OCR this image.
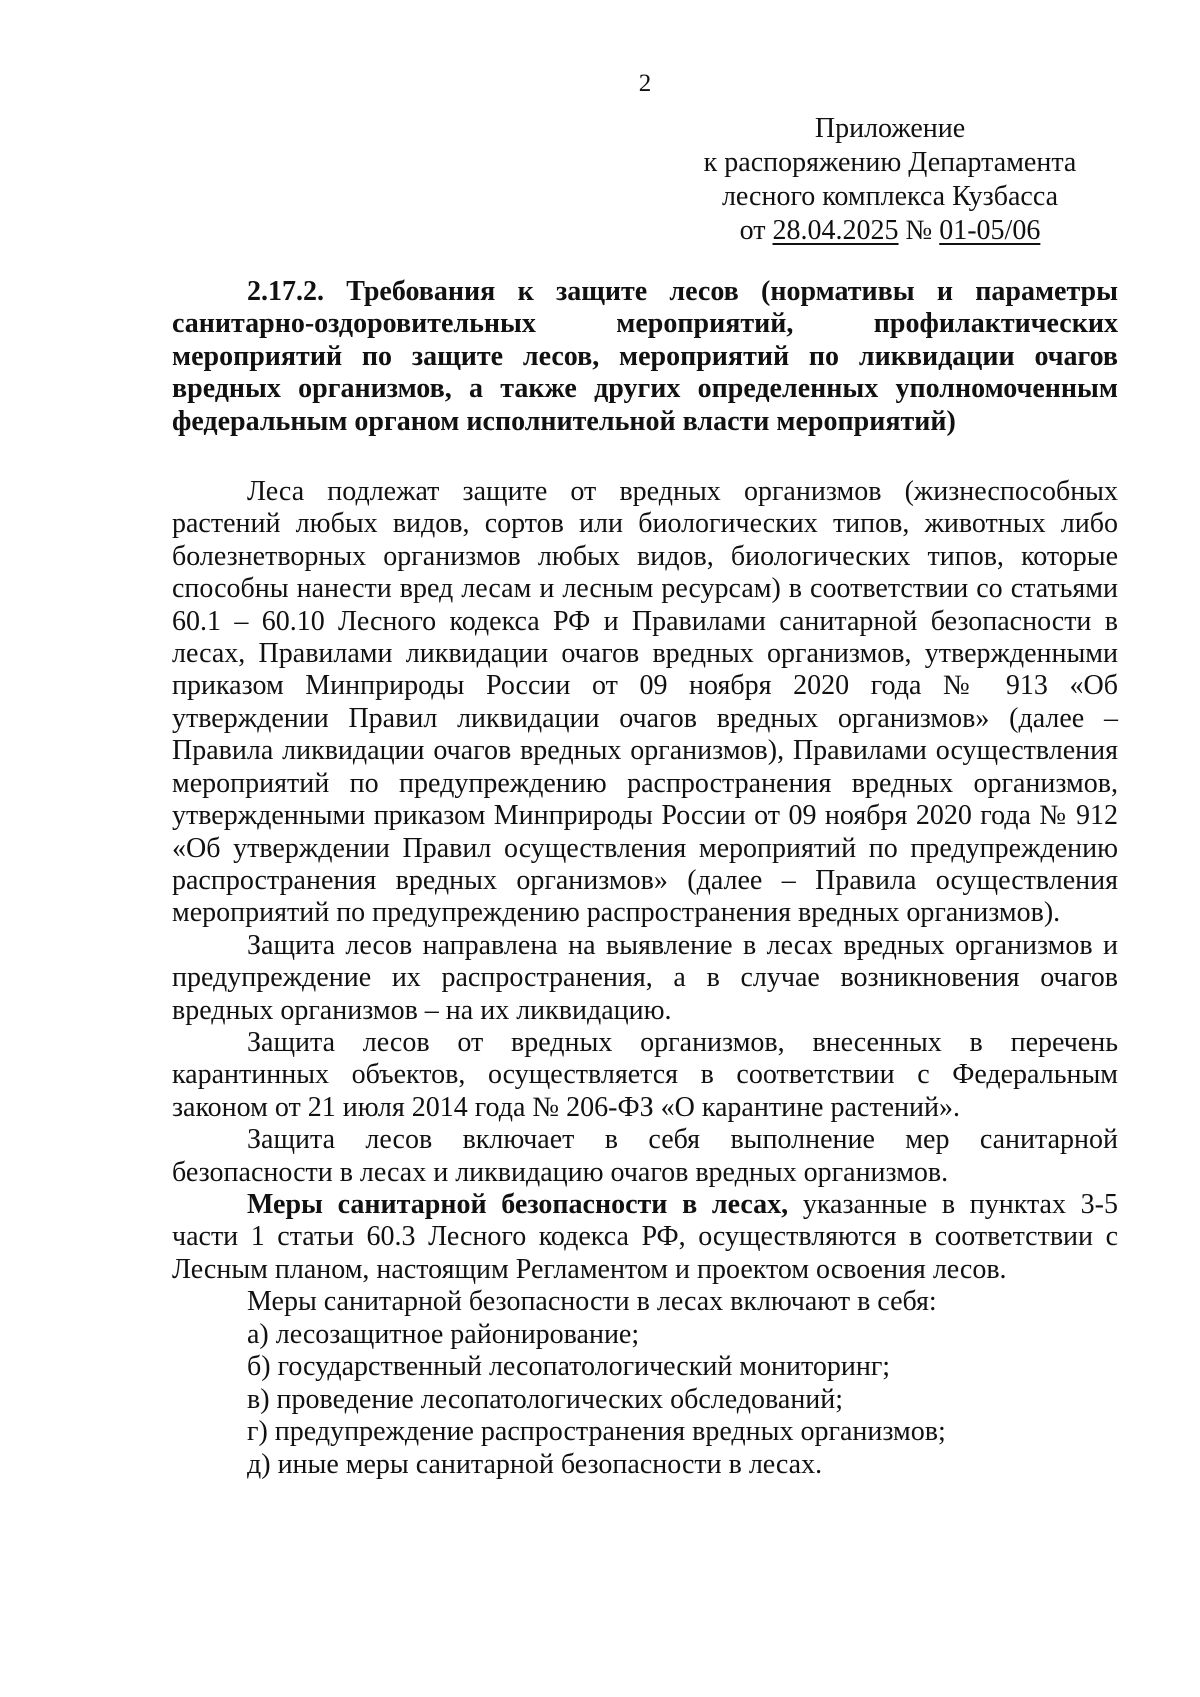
2
Приложение
к распоряжению Департамента
лесного комплекса Кузбасса
от 28.04.2025 № 01-05/06

2.17.2. Требования к защите лесов (нормативы и параметры санитарно-оздоровительных мероприятий, профилактических мероприятий по защите лесов, мероприятий по ликвидации очагов вредных организмов, а также других определенных уполномоченным федеральным органом исполнительной власти мероприятий)

Леса подлежат защите от вредных организмов (жизнеспособных растений любых видов, сортов или биологических типов, животных либо болезнетворных организмов любых видов, биологических типов, которые способны нанести вред лесам и лесным ресурсам) в соответствии со статьями 60.1 – 60.10 Лесного кодекса РФ и Правилами санитарной безопасности в лесах, Правилами ликвидации очагов вредных организмов, утвержденными приказом Минприроды России от 09 ноября 2020 года № 913 «Об утверждении Правил ликвидации очагов вредных организмов» (далее – Правила ликвидации очагов вредных организмов), Правилами осуществления мероприятий по предупреждению распространения вредных организмов, утвержденными приказом Минприроды России от 09 ноября 2020 года № 912 «Об утверждении Правил осуществления мероприятий по предупреждению распространения вредных организмов» (далее – Правила осуществления мероприятий по предупреждению распространения вредных организмов).

Защита лесов направлена на выявление в лесах вредных организмов и предупреждение их распространения, а в случае возникновения очагов вредных организмов – на их ликвидацию.

Защита лесов от вредных организмов, внесенных в перечень карантинных объектов, осуществляется в соответствии с Федеральным законом от 21 июля 2014 года № 206-ФЗ «О карантине растений».

Защита лесов включает в себя выполнение мер санитарной безопасности в лесах и ликвидацию очагов вредных организмов.

Меры санитарной безопасности в лесах, указанные в пунктах 3-5 части 1 статьи 60.3 Лесного кодекса РФ, осуществляются в соответствии с Лесным планом, настоящим Регламентом и проектом освоения лесов.

Меры санитарной безопасности в лесах включают в себя:

а) лесозащитное районирование;

б) государственный лесопатологический мониторинг;

в) проведение лесопатологических обследований;

г) предупреждение распространения вредных организмов;

д) иные меры санитарной безопасности в лесах.
